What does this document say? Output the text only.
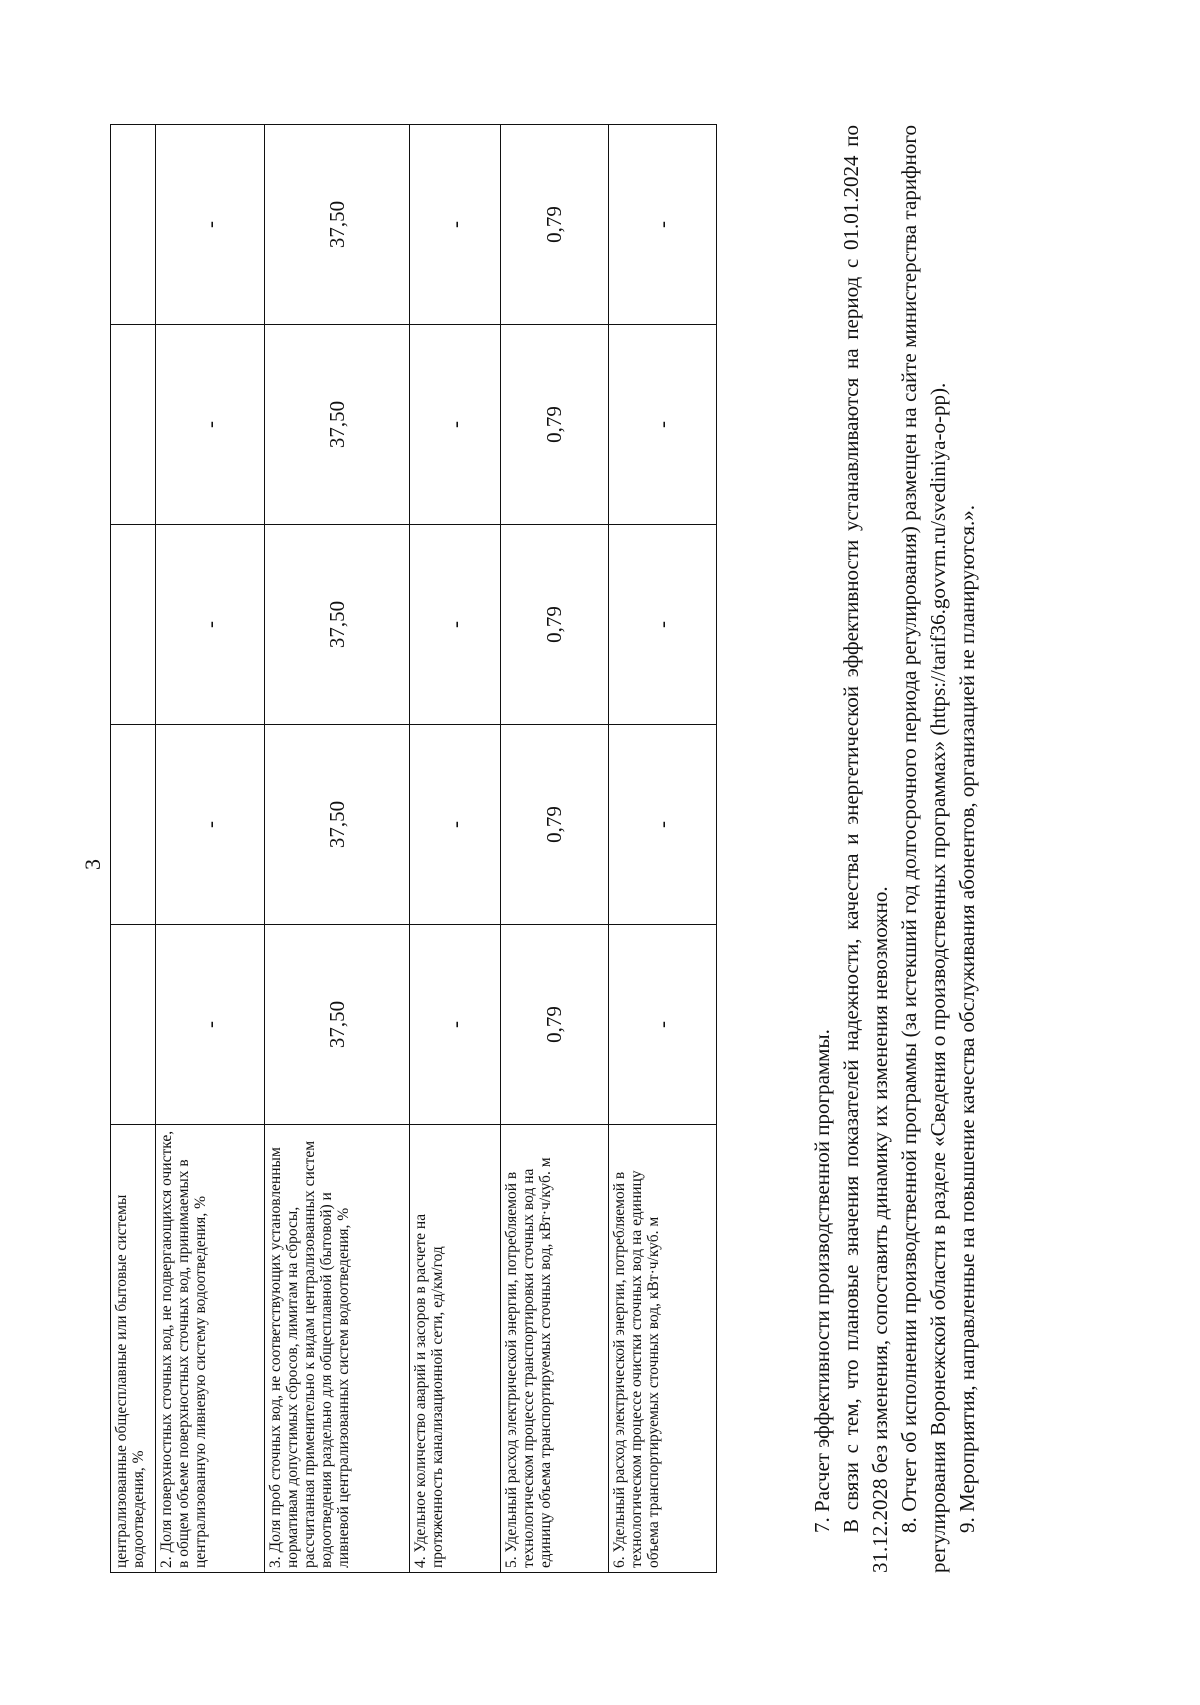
3
централизованные общесплавные или бытовые системы водоотведения, %					
2. Доля поверхностных сточных вод, не подвергающихся очистке, в общем объеме поверхностных сточных вод, принимаемых в централизованную ливневую систему водоотведения, %	-	-	-	-	-
3. Доля проб сточных вод, не соответствующих установленным нормативам допустимых сбросов, лимитам на сбросы, рассчитанная применительно к видам централизованных систем водоотведения раздельно для общесплавной (бытовой) и ливневой централизованных систем водоотведения, %	37,50	37,50	37,50	37,50	37,50
4. Удельное количество аварий и засоров в расчете на протяженность канализационной сети, ед/км/год	-	-	-	-	-
5. Удельный расход электрической энергии, потребляемой в технологическом процессе транспортировки сточных вод на единицу объема транспортируемых сточных вод, кВт·ч/куб. м	0,79	0,79	0,79	0,79	0,79
6. Удельный расход электрической энергии, потребляемой в технологическом процессе очистки сточных вод на единицу объема транспортируемых сточных вод, кВт·ч/куб. м	-	-	-	-	-

7. Расчет эффективности производственной программы. В связи с тем, что плановые значения показателей надежности, качества и энергетической эффективности устанавливаются на период с 01.01.2024 по 31.12.2028 без изменения, сопоставить динамику их изменения невозможно. 8. Отчет об исполнении производственной программы (за истекший год долгосрочного периода регулирования) размещен на сайте министерства тарифного регулирования Воронежской области в разделе «Сведения о производственных программах» (https://tarif36.govvrn.ru/svediniya-o-pp). 9. Мероприятия, направленные на повышение качества обслуживания абонентов, организацией не планируются.».
